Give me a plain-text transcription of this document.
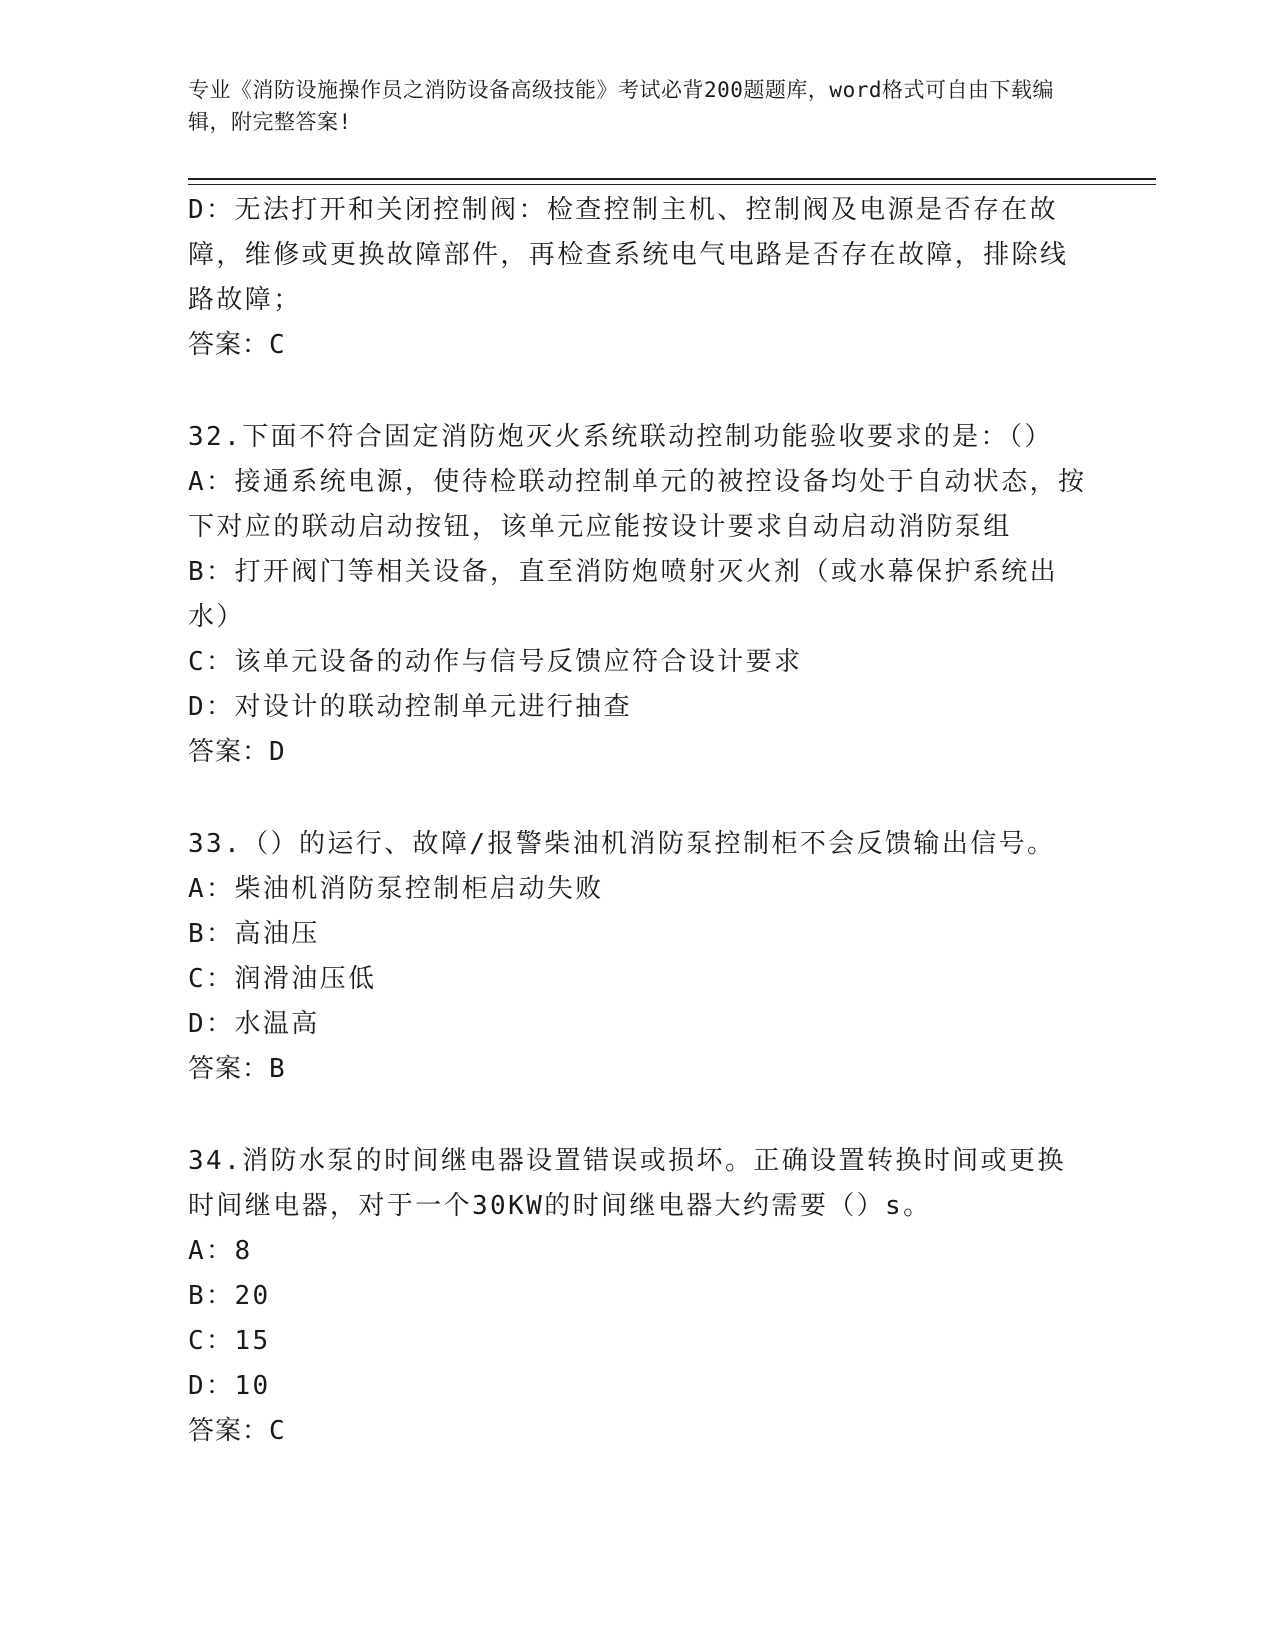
专业《消防设施操作员之消防设备高级技能》考试必背200题题库，word格式可自由下载编辑，附完整答案!
D：无法打开和关闭控制阀：检查控制主机、控制阀及电源是否存在故障，维修或更换故障部件，再检查系统电气电路是否存在故障，排除线路故障；
答案：C
32.下面不符合固定消防炮灭火系统联动控制功能验收要求的是：（）
A：接通系统电源，使待检联动控制单元的被控设备均处于自动状态，按下对应的联动启动按钮，该单元应能按设计要求自动启动消防泵组
B：打开阀门等相关设备，直至消防炮喷射灭火剂（或水幕保护系统出水）
C：该单元设备的动作与信号反馈应符合设计要求
D：对设计的联动控制单元进行抽查
答案：D
33.（）的运行、故障/报警柴油机消防泵控制柜不会反馈输出信号。
A：柴油机消防泵控制柜启动失败
B：高油压
C：润滑油压低
D：水温高
答案：B
34.消防水泵的时间继电器设置错误或损坏。正确设置转换时间或更换时间继电器，对于一个30KW的时间继电器大约需要（）s。
A：8
B：20
C：15
D：10
答案：C
